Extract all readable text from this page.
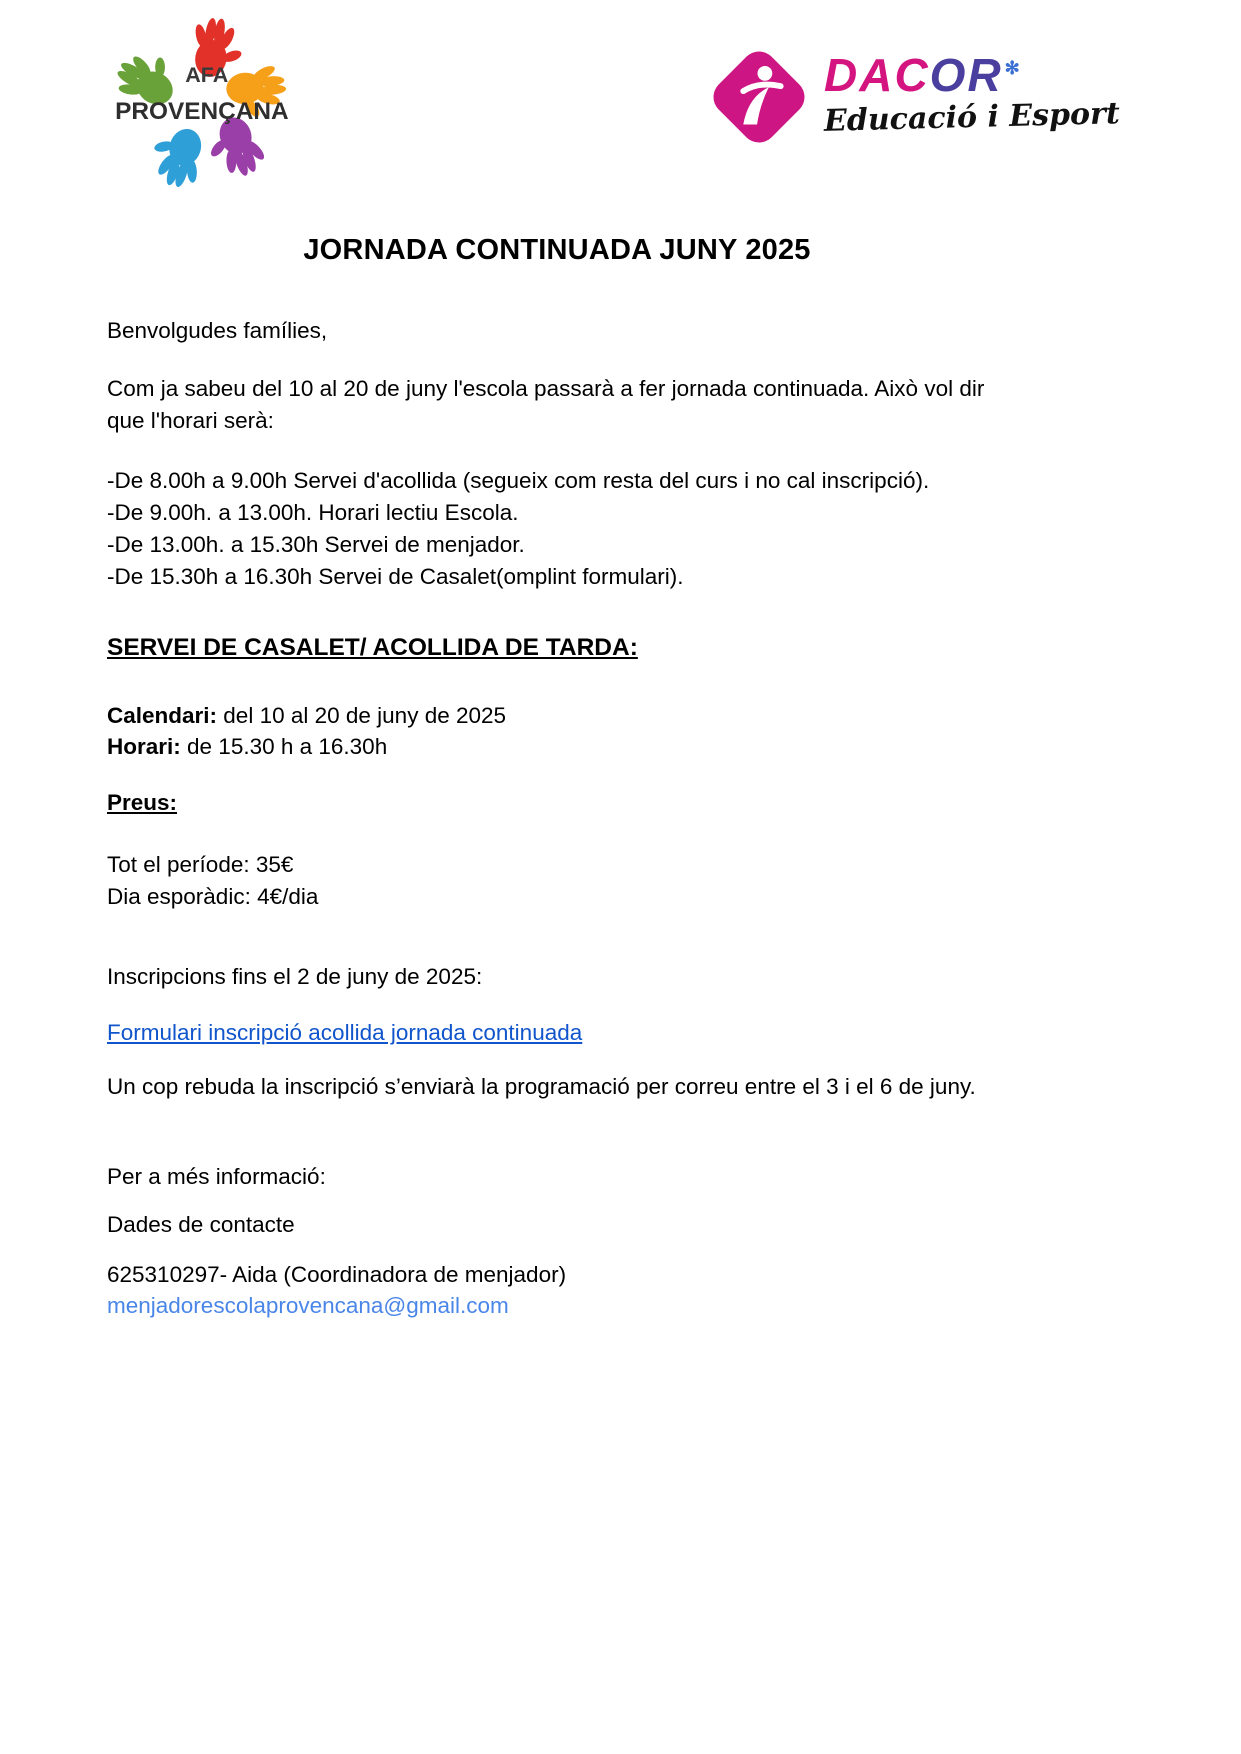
AFA
PROVENÇANA
DACOR ✻
Educació i Esport
JORNADA CONTINUADA JUNY 2025

Benvolgudes famílies,

Com ja sabeu del 10 al 20 de juny l'escola passarà a fer jornada continuada. Això vol dir que l'horari serà:

-De 8.00h a 9.00h Servei d'acollida (segueix com resta del curs i no cal inscripció).
-De 9.00h. a 13.00h. Horari lectiu Escola.
-De 13.00h. a 15.30h Servei de menjador.
-De 15.30h a 16.30h Servei de Casalet(omplint formulari).

SERVEI DE CASALET/ ACOLLIDA DE TARDA:
Calendari: del 10 al 20 de juny de 2025
Horari: de 15.30 h a 16.30h

Preus:

Tot el període: 35€
Dia esporàdic: 4€/dia

Inscripcions fins el 2 de juny de 2025:

Formulari inscripció acollida jornada continuada

Un cop rebuda la inscripció s’enviarà la programació per correu entre el 3 i el 6 de juny.

Per a més informació:

Dades de contacte

625310297- Aida (Coordinadora de menjador)
menjadorescolaprovencana@gmail.com
